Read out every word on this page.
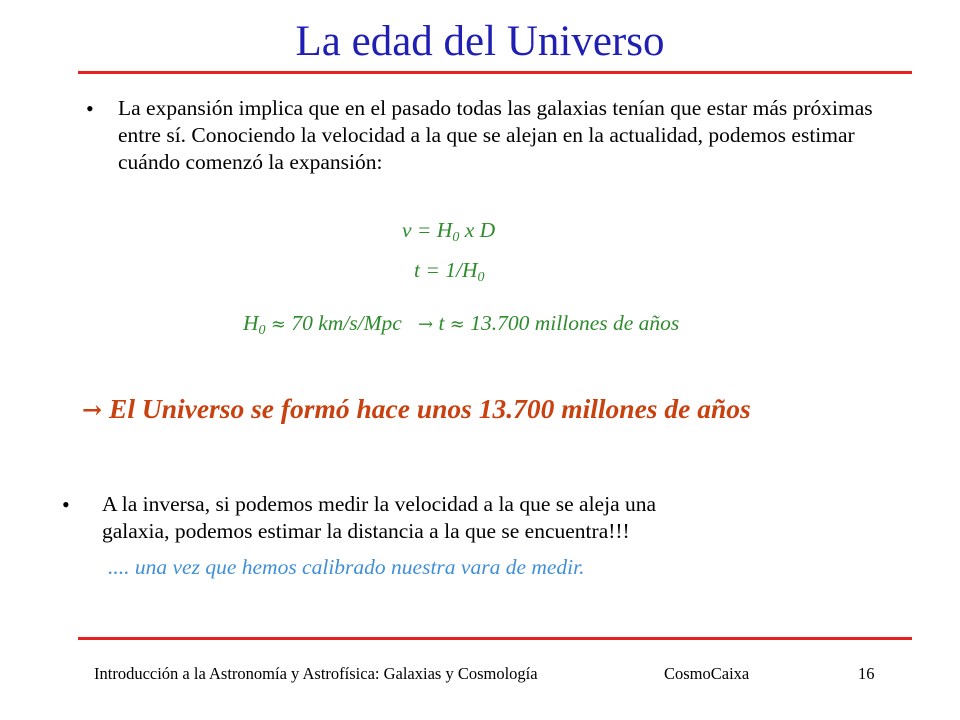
La edad del Universo
• La expansión implica que en el pasado todas las galaxias tenían que estar más próximas entre sí. Conociendo la velocidad a la que se alejan en la actualidad, podemos estimar cuándo comenzó la expansión:
$v = H_0$ x D
$t = 1/H_0$
$H_0 \approx 70$ km/s/Mpc → t ≈ 13.700 millones de años
→ El Universo se formó hace unos 13.700 millones de años
• A la inversa, si podemos medir la velocidad a la que se aleja una
galaxia, podemos estimar la distancia a la que se encuentra!!!
.... una vez que hemos calibrado nuestra vara de medir.
Introducción a la Astronomía y Astrofísica: Galaxias y Cosmología	CosmoCaixa	16
